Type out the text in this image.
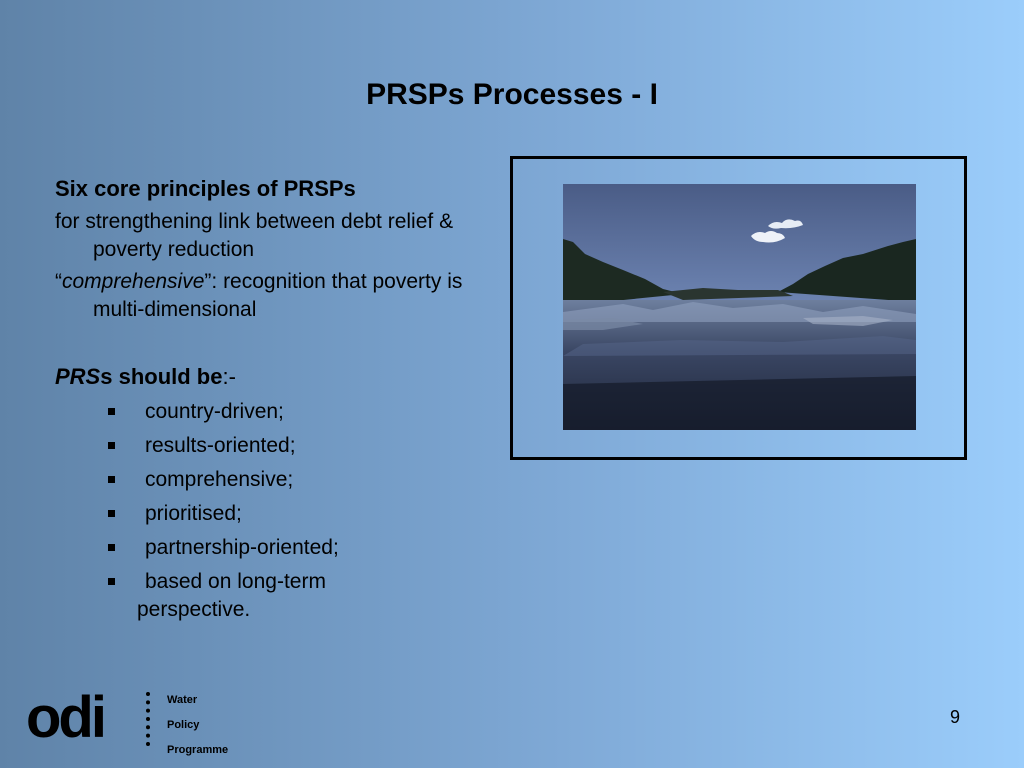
PRSPs Processes - I
Six core principles of PRSPs
for strengthening link between debt relief & poverty reduction
“comprehensive”: recognition that poverty is multi-dimensional
PRSs should be:-
country-driven;
results-oriented;
comprehensive;
prioritised;
partnership-oriented;
based on long-term
perspective.
odi	Water
Policy
Programme
9
